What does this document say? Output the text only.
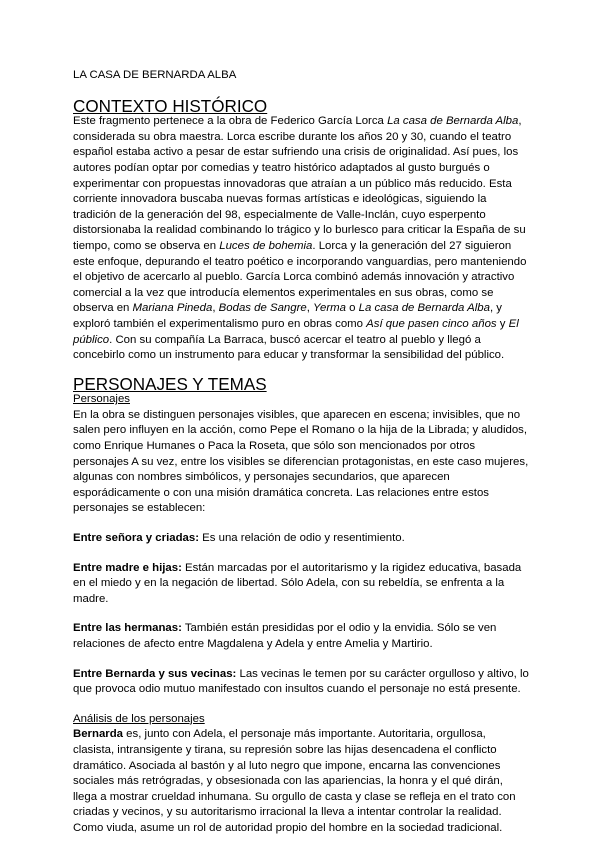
LA CASA DE BERNARDA ALBA
CONTEXTO HISTÓRICO

Este fragmento pertenece a la obra de Federico García Lorca La casa de Bernarda Alba, considerada su obra maestra. Lorca escribe durante los años 20 y 30, cuando el teatro español estaba activo a pesar de estar sufriendo una crisis de originalidad. Así pues, los autores podían optar por comedias y teatro histórico adaptados al gusto burgués o experimentar con propuestas innovadoras que atraían a un público más reducido. Esta corriente innovadora buscaba nuevas formas artísticas e ideológicas, siguiendo la tradición de la generación del 98, especialmente de Valle-Inclán, cuyo esperpento distorsionaba la realidad combinando lo trágico y lo burlesco para criticar la España de su tiempo, como se observa en Luces de bohemia. Lorca y la generación del 27 siguieron este enfoque, depurando el teatro poético e incorporando vanguardias, pero manteniendo el objetivo de acercarlo al pueblo. García Lorca combinó además innovación y atractivo comercial a la vez que introducía elementos experimentales en sus obras, como se observa en Mariana Pineda, Bodas de Sangre, Yerma o La casa de Bernarda Alba, y exploró también el experimentalismo puro en obras como Así que pasen cinco años y El público. Con su compañía La Barraca, buscó acercar el teatro al pueblo y llegó a concebirlo como un instrumento para educar y transformar la sensibilidad del público.

PERSONAJES Y TEMAS
Personajes

En la obra se distinguen personajes visibles, que aparecen en escena; invisibles, que no salen pero influyen en la acción, como Pepe el Romano o la hija de la Librada; y aludidos, como Enrique Humanes o Paca la Roseta, que sólo son mencionados por otros personajes A su vez, entre los visibles se diferencian protagonistas, en este caso mujeres, algunas con nombres simbólicos, y personajes secundarios, que aparecen esporádicamente o con una misión dramática concreta. Las relaciones entre estos personajes se establecen:

Entre señora y criadas: Es una relación de odio y resentimiento.

Entre madre e hijas: Están marcadas por el autoritarismo y la rigidez educativa, basada en el miedo y en la negación de libertad. Sólo Adela, con su rebeldía, se enfrenta a la madre.

Entre las hermanas: También están presididas por el odio y la envidia. Sólo se ven relaciones de afecto entre Magdalena y Adela y entre Amelia y Martirio.

Entre Bernarda y sus vecinas: Las vecinas le temen por su carácter orgulloso y altivo, lo que provoca odio mutuo manifestado con insultos cuando el personaje no está presente.

Análisis de los personajes

Bernarda es, junto con Adela, el personaje más importante. Autoritaria, orgullosa, clasista, intransigente y tirana, su represión sobre las hijas desencadena el conflicto dramático. Asociada al bastón y al luto negro que impone, encarna las convenciones sociales más retrógradas, y obsesionada con las apariencias, la honra y el qué dirán, llega a mostrar crueldad inhumana. Su orgullo de casta y clase se refleja en el trato con criadas y vecinos, y su autoritarismo irracional la lleva a intentar controlar la realidad. Como viuda, asume un rol de autoridad propio del hombre en la sociedad tradicional.
